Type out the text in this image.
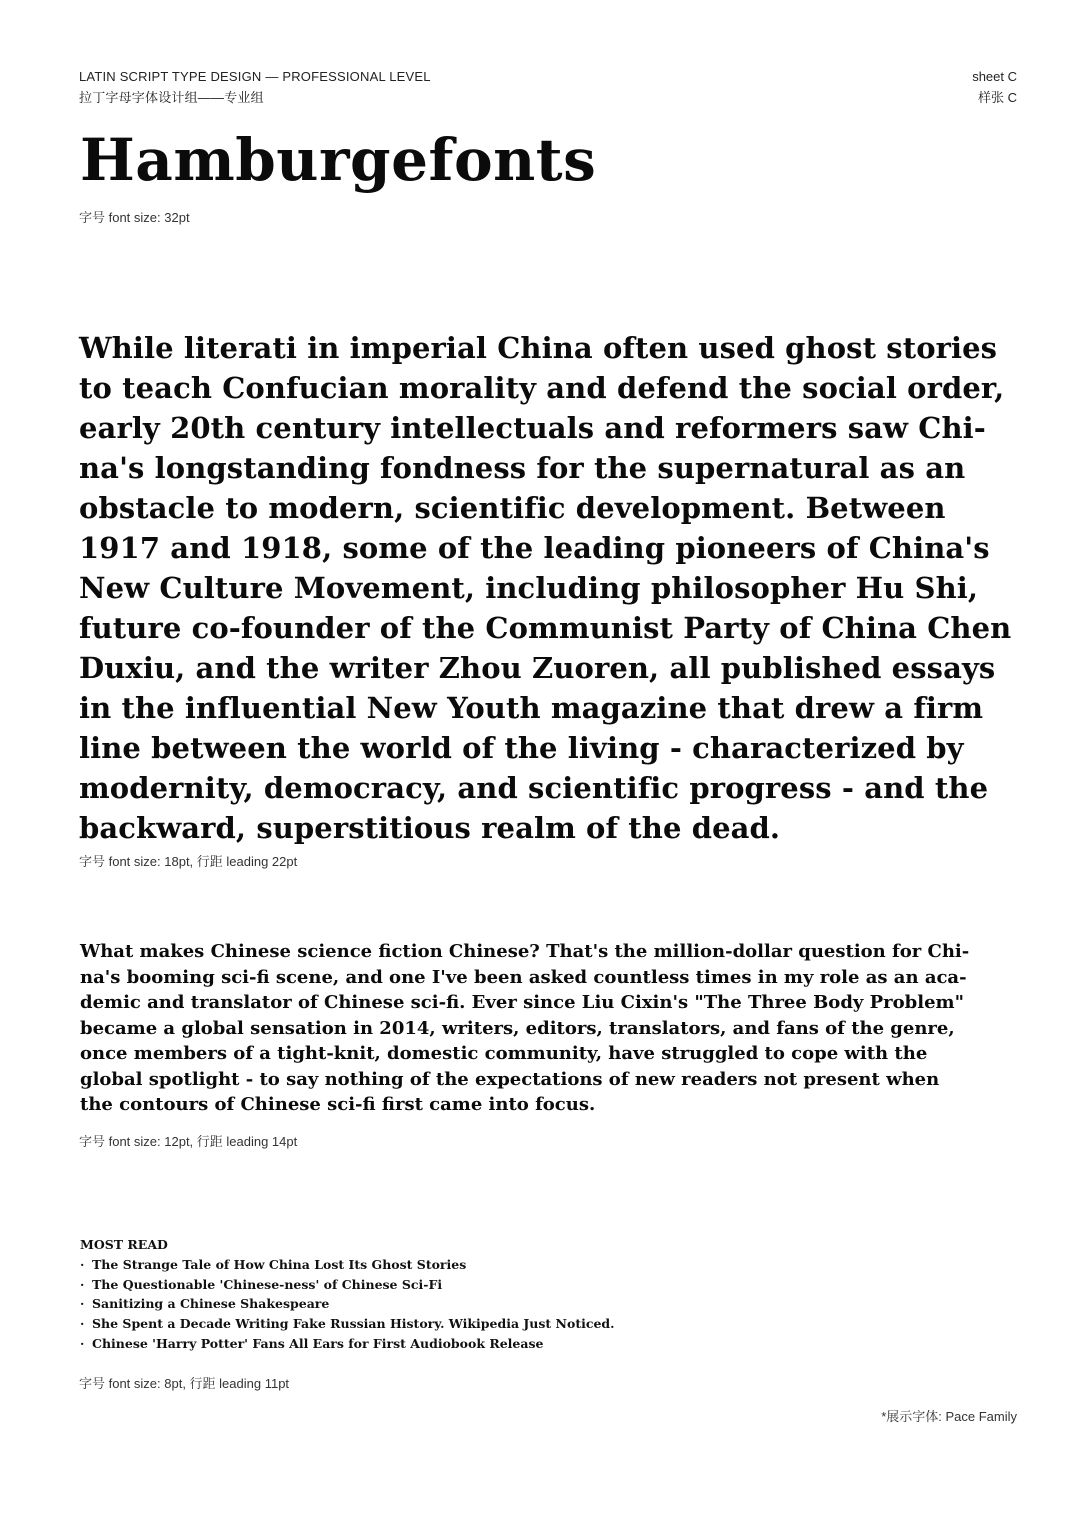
LATIN SCRIPT TYPE DESIGN — PROFESSIONAL LEVEL
拉丁字母字体设计组——专业组
sheet C
样张 C
Hamburgefonts
字号 font size: 32pt
While literati in imperial China often used ghost stories
to teach Confucian morality and defend the social order,
early 20th century intellectuals and reformers saw Chi-
na's longstanding fondness for the supernatural as an
obstacle to modern, scientific development. Between
1917 and 1918, some of the leading pioneers of China's
New Culture Movement, including philosopher Hu Shi,
future co-founder of the Communist Party of China Chen
Duxiu, and the writer Zhou Zuoren, all published essays
in the influential New Youth magazine that drew a firm
line between the world of the living - characterized by
modernity, democracy, and scientific progress - and the
backward, superstitious realm of the dead.
字号 font size: 18pt, 行距 leading 22pt
What makes Chinese science fiction Chinese? That's the million-dollar question for Chi-
na's booming sci-fi scene, and one I've been asked countless times in my role as an aca-
demic and translator of Chinese sci-fi. Ever since Liu Cixin's "The Three Body Problem"
became a global sensation in 2014, writers, editors, translators, and fans of the genre,
once members of a tight-knit, domestic community, have struggled to cope with the
global spotlight - to say nothing of the expectations of new readers not present when
the contours of Chinese sci-fi first came into focus.
字号 font size: 12pt, 行距 leading 14pt
MOST READ
· The Strange Tale of How China Lost Its Ghost Stories
· The Questionable 'Chinese-ness' of Chinese Sci-Fi
· Sanitizing a Chinese Shakespeare
· She Spent a Decade Writing Fake Russian History. Wikipedia Just Noticed.
· Chinese 'Harry Potter' Fans All Ears for First Audiobook Release
字号 font size: 8pt, 行距 leading 11pt
*展示字体: Pace Family
